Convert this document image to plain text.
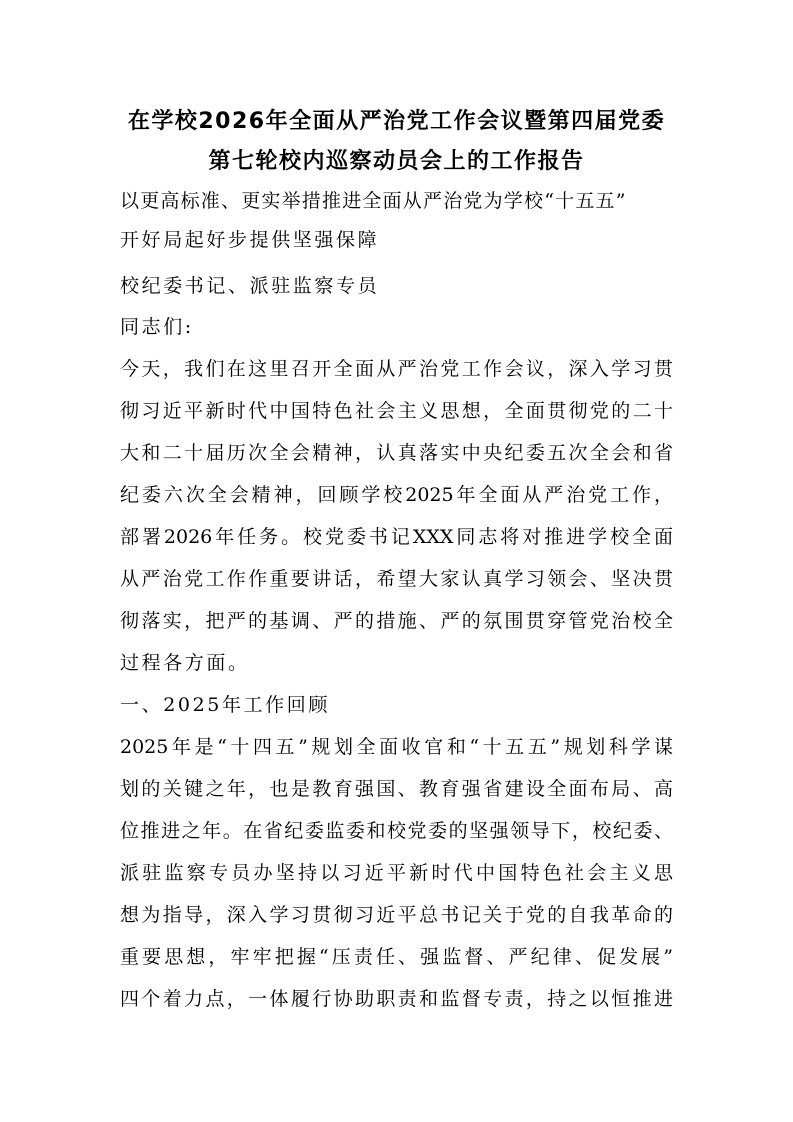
在学校2026年全面从严治党工作会议暨第四届党委
第七轮校内巡察动员会上的工作报告
以更高标准、更实举措推进全面从严治党为学校“十五五”
开好局起好步提供坚强保障
校纪委书记、派驻监察专员
同志们:
今天，我们在这里召开全面从严治党工作会议，深入学习贯
彻习近平新时代中国特色社会主义思想，全面贯彻党的二十
大和二十届历次全会精神，认真落实中央纪委五次全会和省
纪委六次全会精神，回顾学校2025年全面从严治党工作，
部署2026年任务。校党委书记XXX同志将对推进学校全面
从严治党工作作重要讲话，希望大家认真学习领会、坚决贯
彻落实，把严的基调、严的措施、严的氛围贯穿管党治校全
过程各方面。
一、2025年工作回顾
2025年是“十四五”规划全面收官和“十五五”规划科学谋
划的关键之年，也是教育强国、教育强省建设全面布局、高
位推进之年。在省纪委监委和校党委的坚强领导下，校纪委、
派驻监察专员办坚持以习近平新时代中国特色社会主义思
想为指导，深入学习贯彻习近平总书记关于党的自我革命的
重要思想，牢牢把握“压责任、强监督、严纪律、促发展”
四个着力点，一体履行协助职责和监督专责，持之以恒推进
